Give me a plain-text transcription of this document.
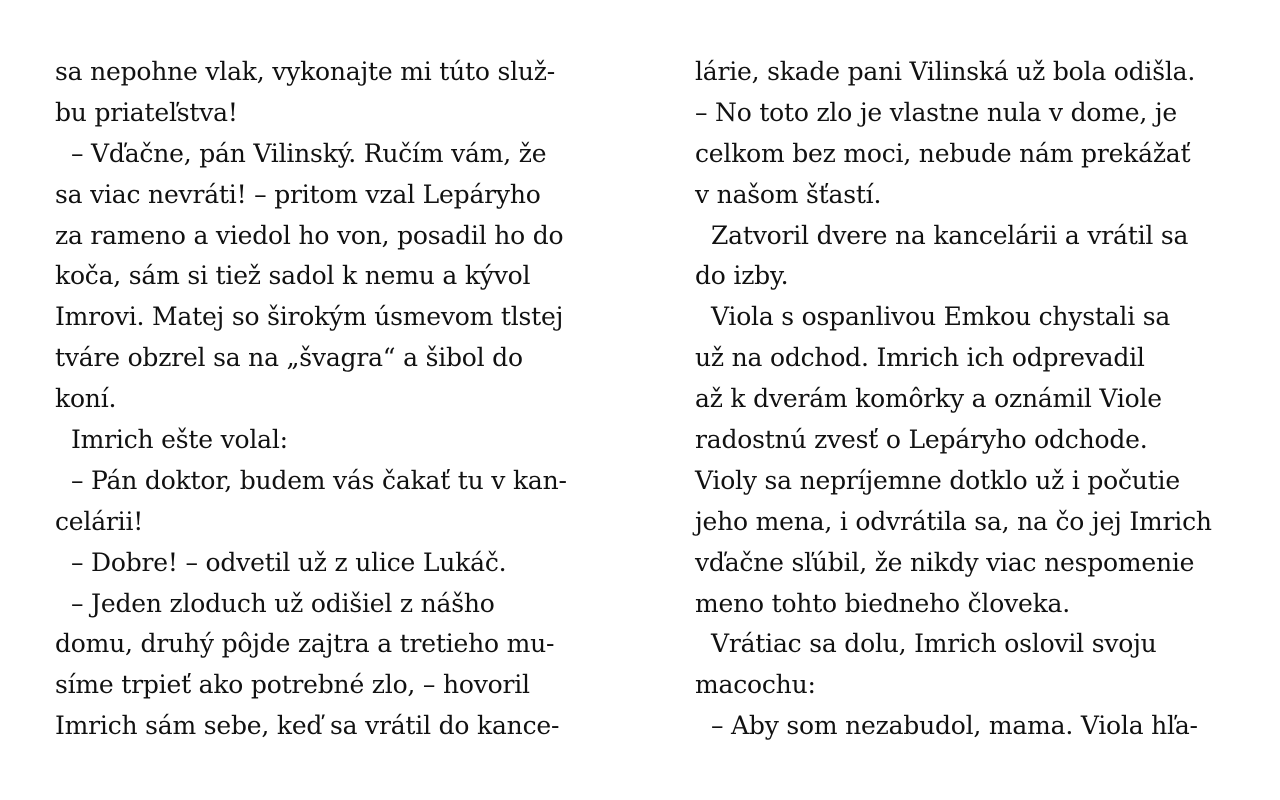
sa nepohne vlak, vykonajte mi túto služ-
bu priateľstva!
– Vďačne, pán Vilinský. Ručím vám, že
sa viac nevráti! – pritom vzal Lepáryho
za rameno a viedol ho von, posadil ho do
koča, sám si tiež sadol k nemu a kývol
Imrovi. Matej so širokým úsmevom tlstej
tváre obzrel sa na „švagra“ a šibol do
koní.
Imrich ešte volal:
– Pán doktor, budem vás čakať tu v kan-
celárii!
– Dobre! – odvetil už z ulice Lukáč.
– Jeden zloduch už odišiel z nášho
domu, druhý pôjde zajtra a tretieho mu-
síme trpieť ako potrebné zlo, – hovoril
Imrich sám sebe, keď sa vrátil do kance-
lárie, skade pani Vilinská už bola odišla.
– No toto zlo je vlastne nula v dome, je
celkom bez moci, nebude nám prekážať
v našom šťastí.
Zatvoril dvere na kancelárii a vrátil sa
do izby.
Viola s ospanlivou Emkou chystali sa
už na odchod. Imrich ich odprevadil
až k dverám komôrky a oznámil Viole
radostnú zvesť o Lepáryho odchode.
Violy sa nepríjemne dotklo už i počutie
jeho mena, i odvrátila sa, na čo jej Imrich
vďačne sľúbil, že nikdy viac nespomenie
meno tohto biedneho človeka.
Vrátiac sa dolu, Imrich oslovil svoju
macochu:
– Aby som nezabudol, mama. Viola hľa-
